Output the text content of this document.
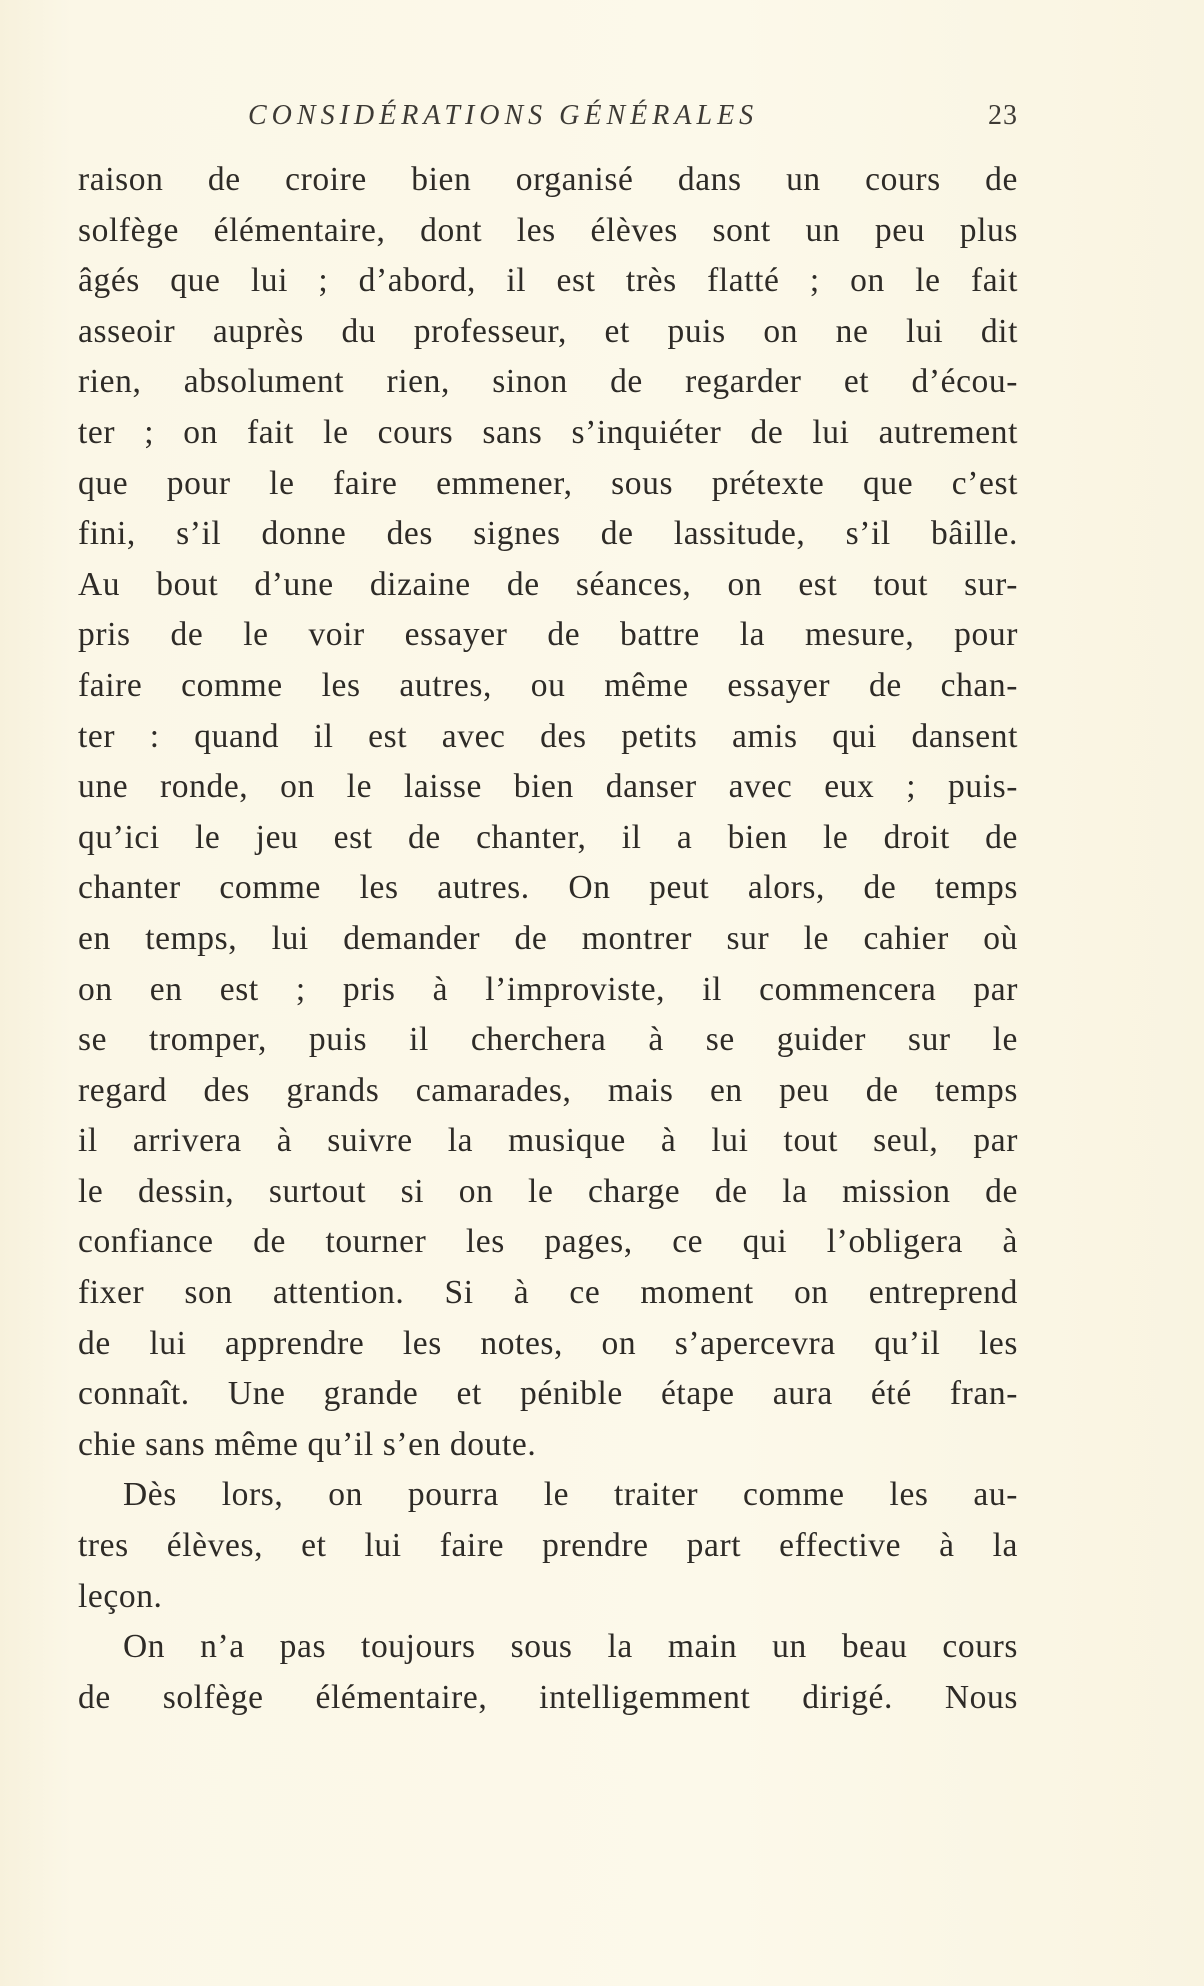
CONSIDÉRATIONS GÉNÉRALES	23
raison de croire bien organisé dans un cours de
solfège élémentaire, dont les élèves sont un peu plus
âgés que lui ; d’abord, il est très flatté ; on le fait
asseoir auprès du professeur, et puis on ne lui dit
rien, absolument rien, sinon de regarder et d’écou-
ter ; on fait le cours sans s’inquiéter de lui autrement
que pour le faire emmener, sous prétexte que c’est
fini, s’il donne des signes de lassitude, s’il bâille.
Au bout d’une dizaine de séances, on est tout sur-
pris de le voir essayer de battre la mesure, pour
faire comme les autres, ou même essayer de chan-
ter : quand il est avec des petits amis qui dansent
une ronde, on le laisse bien danser avec eux ; puis-
qu’ici le jeu est de chanter, il a bien le droit de
chanter comme les autres. On peut alors, de temps
en temps, lui demander de montrer sur le cahier où
on en est ; pris à l’improviste, il commencera par
se tromper, puis il cherchera à se guider sur le
regard des grands camarades, mais en peu de temps
il arrivera à suivre la musique à lui tout seul, par
le dessin, surtout si on le charge de la mission de
confiance de tourner les pages, ce qui l’obligera à
fixer son attention. Si à ce moment on entreprend
de lui apprendre les notes, on s’apercevra qu’il les
connaît. Une grande et pénible étape aura été fran-
chie sans même qu’il s’en doute.
Dès lors, on pourra le traiter comme les au-
tres élèves, et lui faire prendre part effective à la
leçon.
On n’a pas toujours sous la main un beau cours
de solfège élémentaire, intelligemment dirigé. Nous
